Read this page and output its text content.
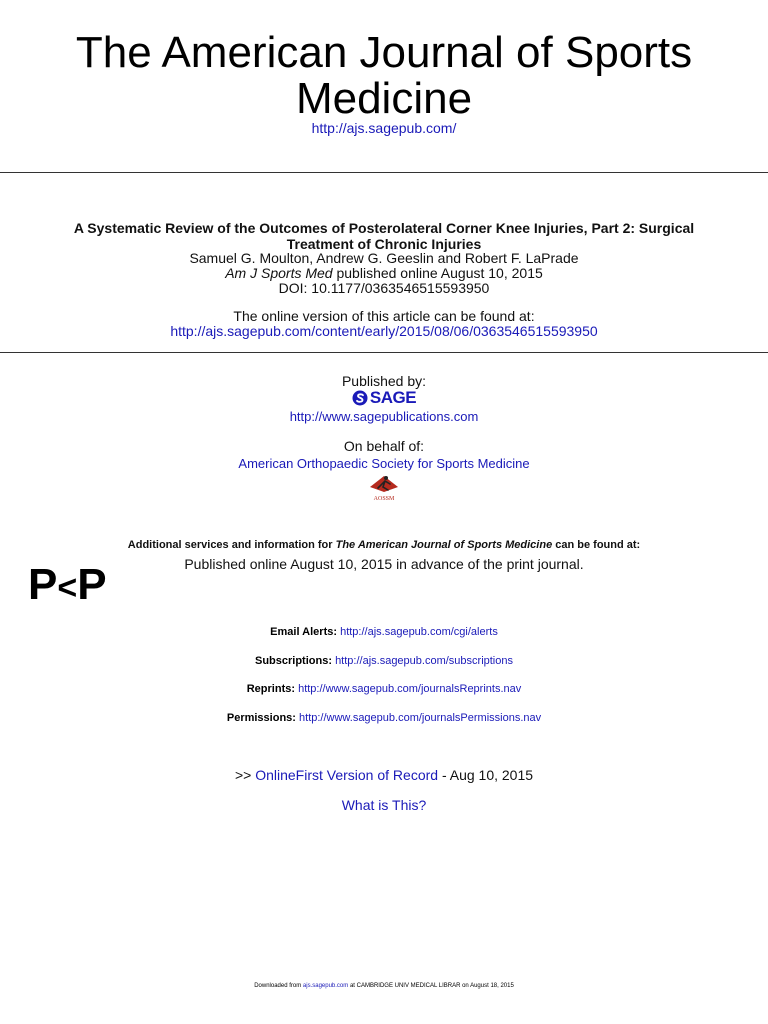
The American Journal of Sports
Medicine
http://ajs.sagepub.com/
A Systematic Review of the Outcomes of Posterolateral Corner Knee Injuries, Part 2: Surgical
Treatment of Chronic Injuries
Samuel G. Moulton, Andrew G. Geeslin and Robert F. LaPrade
Am J Sports Med published online August 10, 2015
DOI: 10.1177/0363546515593950
The online version of this article can be found at:
http://ajs.sagepub.com/content/early/2015/08/06/0363546515593950
Published by:
SAGE
http://www.sagepublications.com
On behalf of:
American Orthopaedic Society for Sports Medicine
AOSSM
Additional services and information for The American Journal of Sports Medicine can be found at:
P<P	Published online August 10, 2015 in advance of the print journal.
Email Alerts: http://ajs.sagepub.com/cgi/alerts
Subscriptions: http://ajs.sagepub.com/subscriptions
Reprints: http://www.sagepub.com/journalsReprints.nav
Permissions: http://www.sagepub.com/journalsPermissions.nav
>> OnlineFirst Version of Record - Aug 10, 2015
What is This?
Downloaded from ajs.sagepub.com at CAMBRIDGE UNIV MEDICAL LIBRAR on August 18, 2015
